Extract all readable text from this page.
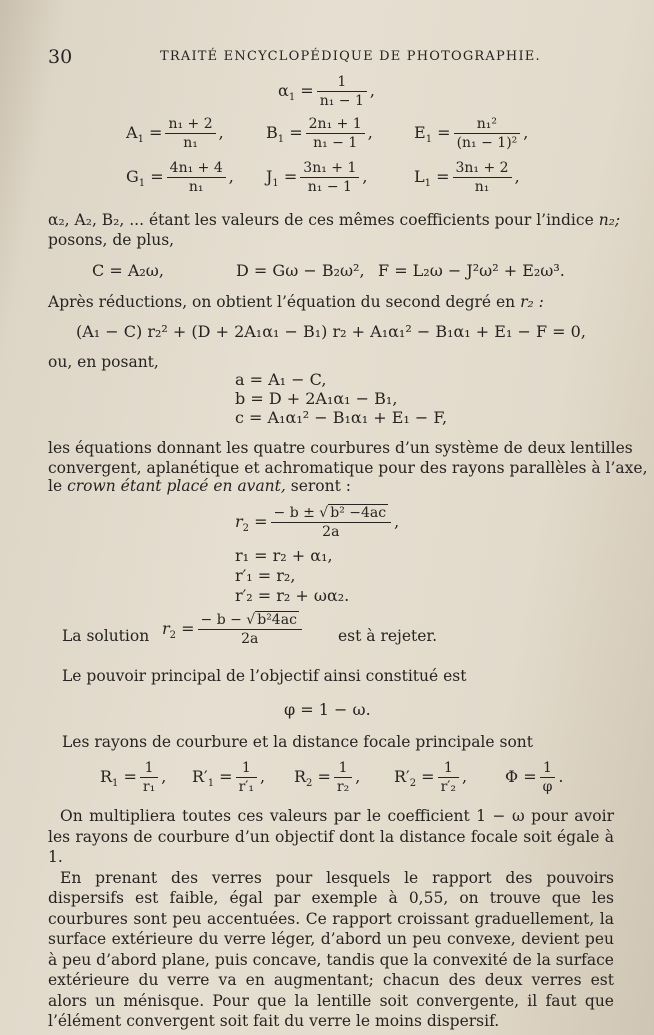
30	TRAITÉ ENCYCLOPÉDIQUE DE PHOTOGRAPHIE.
$\alpha_1 = \frac{1}{\text{n₁ − 1}}$ ,
$A_1 = \frac{\text{n₁ + 2}}{\text{n₁}}$ ,	$B_1 = \frac{\text{2n₁ + 1}}{\text{n₁ − 1}}$ ,	$E_1 = \frac{\text{n₁²}}{\text{(n₁ − 1)²}}$ ,
$G_1 = \frac{\text{4n₁ + 4}}{\text{n₁}}$ , $J_1 = \frac{\text{3n₁ + 1}}{\text{n₁ − 1}}$ ,	$L_1 = \frac{\text{3n₁ + 2}}{\text{n₁}}$ ,
α₂, A₂, B₂, ... étant les valeurs de ces mêmes coefficients pour l’indice n₂;
posons, de plus,
C = A₂ω,	D = Gω − B₂ω², F = L₂ω − J²ω² + E₂ω³.
Après réductions, on obtient l’équation du second degré en r₂ :
(A₁ − C) r₂² + (D + 2A₁α₁ − B₁) r₂ + A₁α₁² − B₁α₁ + E₁ − F = 0,
ou, en posant,
a = A₁ − C,
b = D + 2A₁α₁ − B₁,
c = A₁α₁² − B₁α₁ + E₁ − F,
les équations donnant les quatre courbures d’un système de deux lentilles
convergent, aplanétique et achromatique pour des rayons parallèles à l’axe,
le crown étant placé en avant, seront :
$r_2 = \frac{\text{− b ± √ b² −4ac}}{2a}$ ,
r₁ = r₂ + α₁,
r′₁ = r₂,
r′₂ = r₂ + ωα₂.
La solution $r_2 = \frac{\text{− b − √ b²4ac}}{2a}$ est à rejeter.
Le pouvoir principal de l’objectif ainsi constitué est
φ = 1 − ω.
Les rayons de courbure et la distance focale principale sont
$R_1 = \frac{1}{\text{r₁}}$ , $R'_1 = \frac{1}{\text{r′₁}}$ , $R_2 = \frac{1}{\text{r₂}}$ , $R'_2 = \frac{1}{\text{r′₂}}$ , $\Phi = \frac{1}{\varphi}$ .

On multipliera toutes ces valeurs par le coefficient 1 − ω pour avoir les rayons de courbure d’un objectif dont la distance focale soit égale à 1.

En prenant des verres pour lesquels le rapport des pouvoirs dispersifs est faible, égal par exemple à 0,55, on trouve que les courbures sont peu accentuées. Ce rapport croissant graduellement, la surface extérieure du verre léger, d’abord un peu convexe, devient peu à peu d’abord plane, puis concave, tandis que la convexité de la surface extérieure du verre va en augmentant; chacun des deux verres est alors un ménisque. Pour que la lentille soit convergente, il faut que l’élément convergent soit fait du verre le moins dispersif.
